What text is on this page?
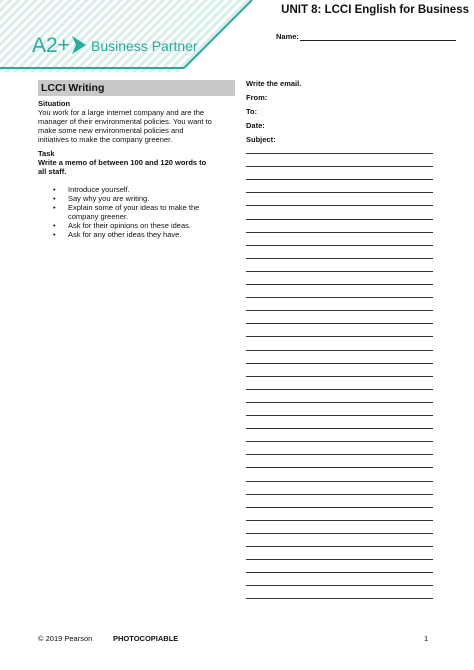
A2+ Business Partner
UNIT 8: LCCI English for Business
Name:
LCCI Writing
Situation
You work for a large internet company and are the
manager of their environmental policies. You want to
make some new environmental policies and
initiatives to make the company greener.
Task
Write a memo of between 100 and 120 words to
all staff.
• Introduce yourself.
• Say why you are writing.
• Explain some of your ideas to make the
company greener.
• Ask for their opinions on these ideas.
• Ask for any other ideas they have.
Write the email.
From:
To:
Date:
Subject:
© 2019 Pearson	PHOTOCOPIABLE	1
